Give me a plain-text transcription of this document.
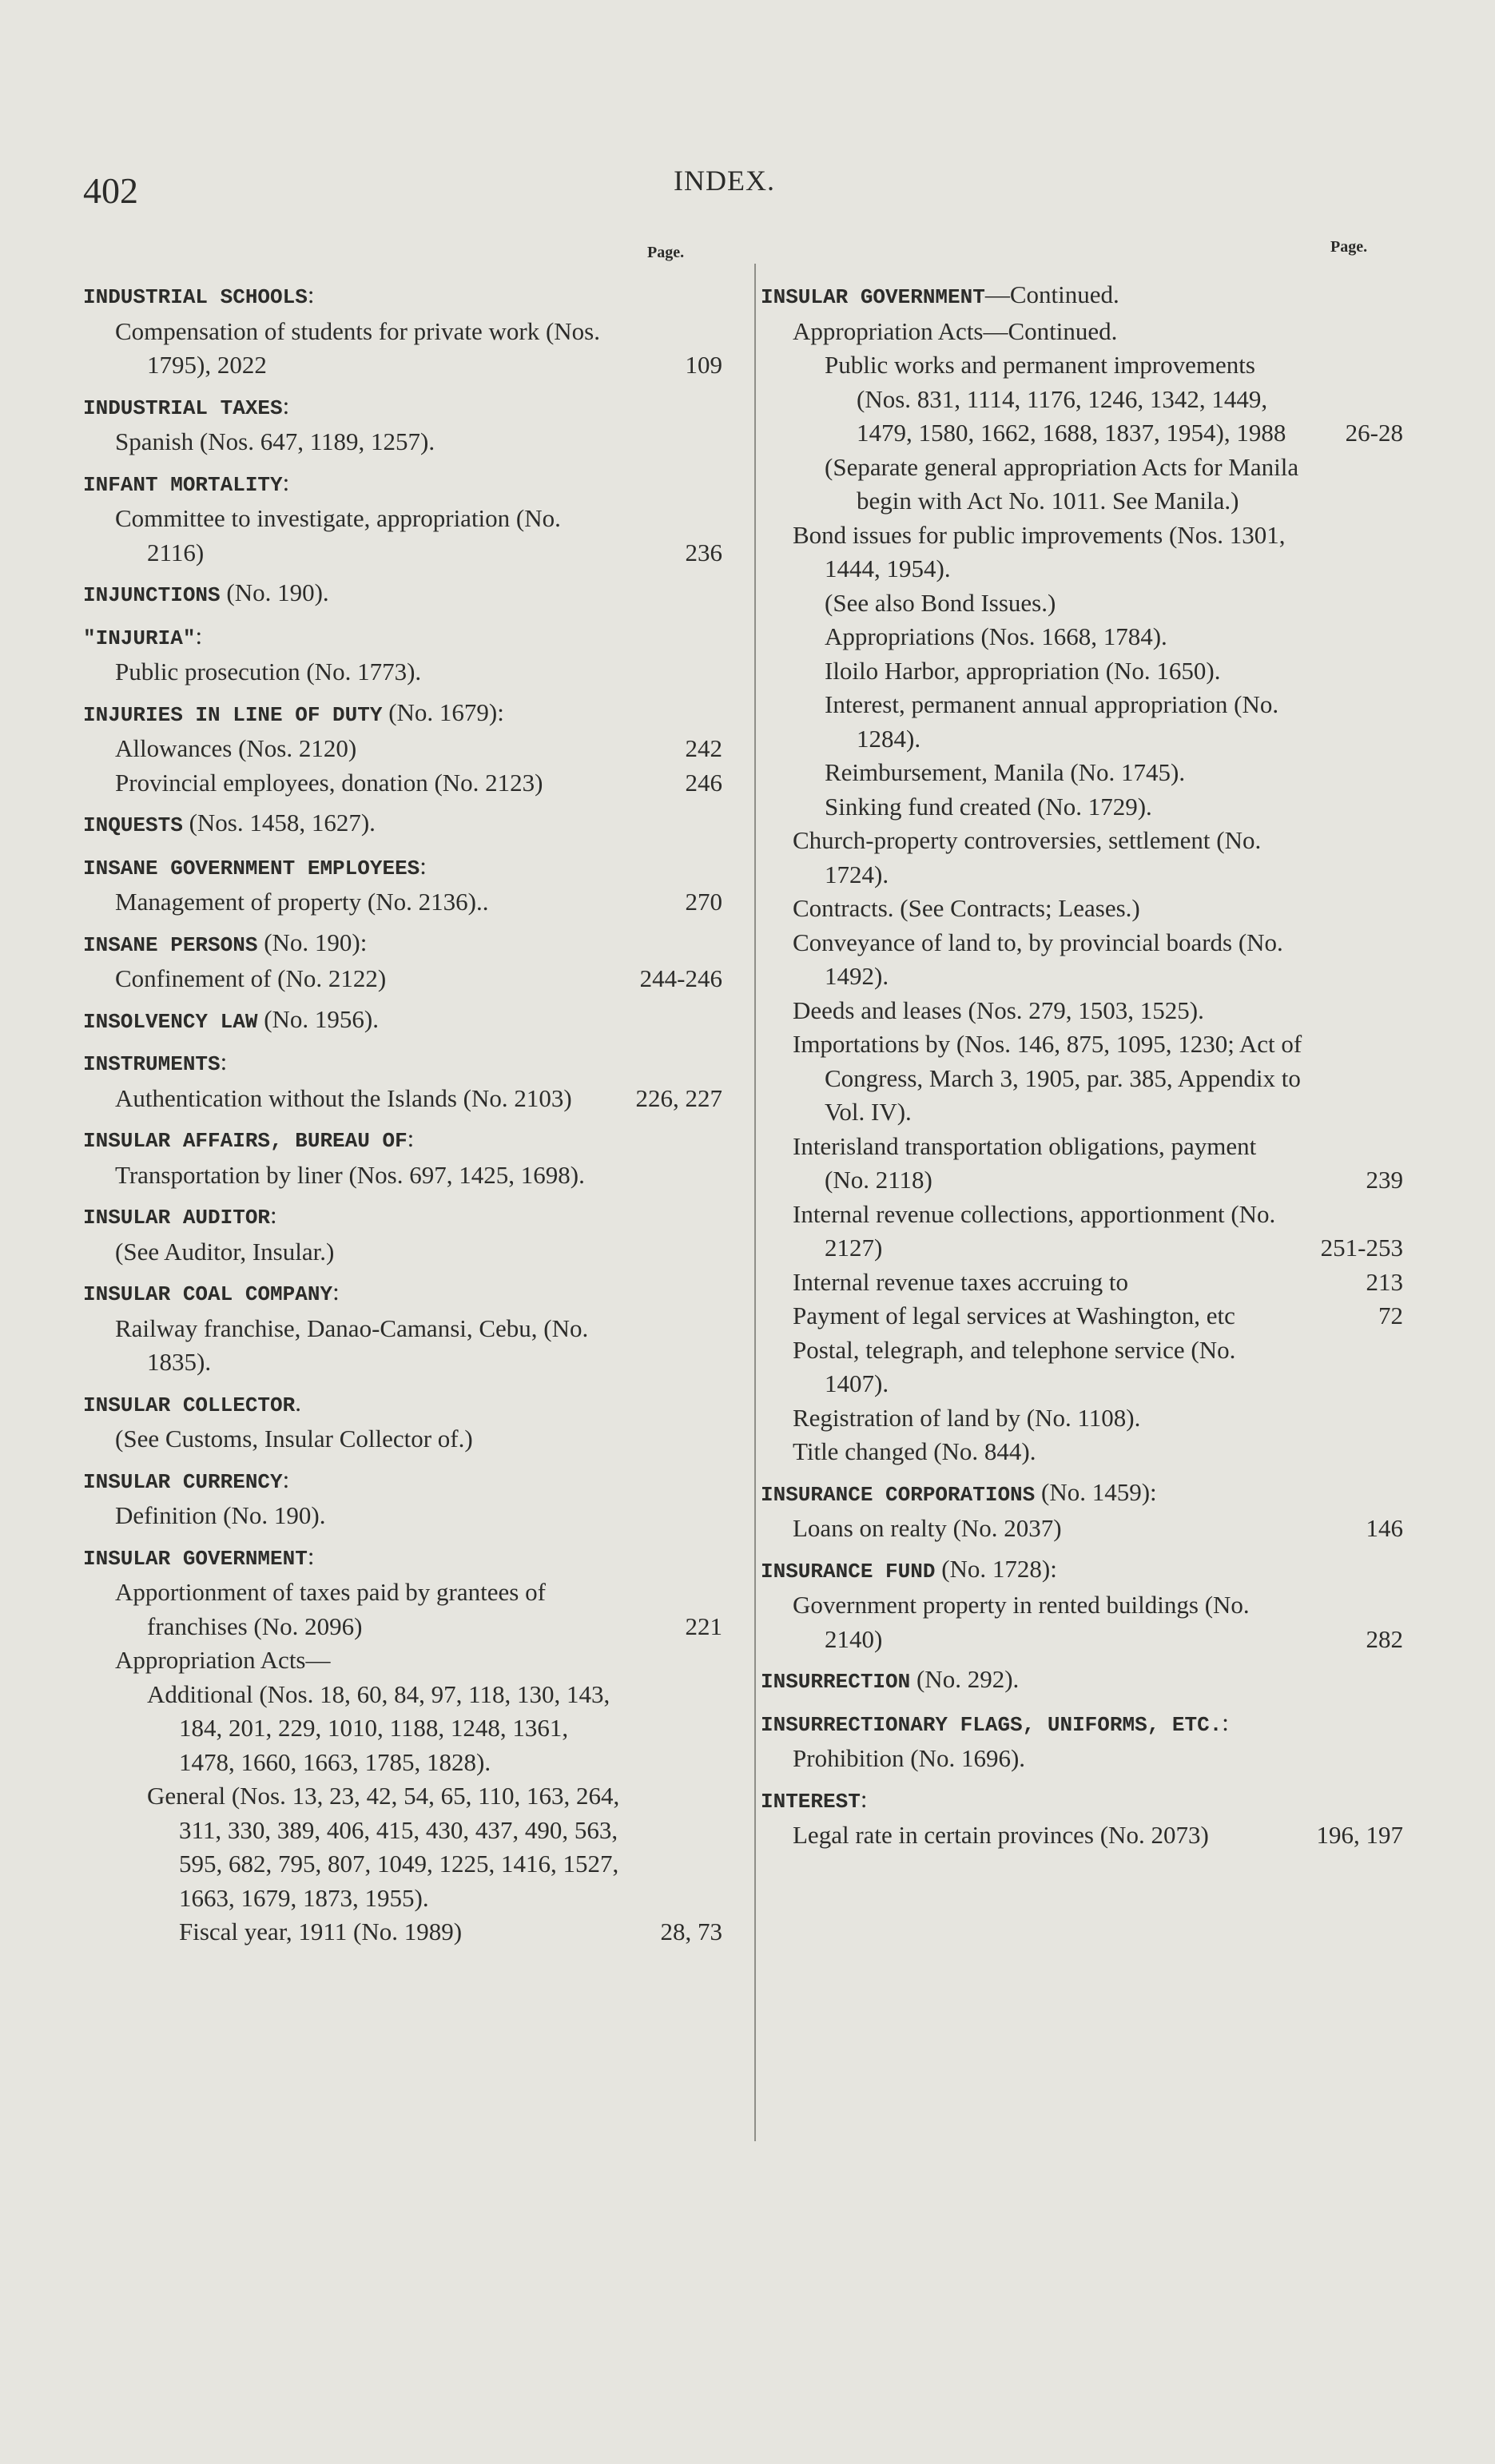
402	INDEX.
Page.	Page.
INDUSTRIAL SCHOOLS:
Compensation of students for private work (Nos. 1795), 2022	109
INDUSTRIAL TAXES:
Spanish (Nos. 647, 1189, 1257).
INFANT MORTALITY:
Committee to investigate, appropriation (No. 2116)	236
INJUNCTIONS (No. 190).
"INJURIA":
Public prosecution (No. 1773).
INJURIES IN LINE OF DUTY (No. 1679):
Allowances (Nos. 2120)	242
Provincial employees, donation (No. 2123)	246
INQUESTS (Nos. 1458, 1627).
INSANE GOVERNMENT EMPLOYEES:
Management of property (No. 2136)..	270
INSANE PERSONS (No. 190):
Confinement of (No. 2122)	244-246
INSOLVENCY LAW (No. 1956).
INSTRUMENTS:
Authentication without the Islands (No. 2103)	226, 227
INSULAR AFFAIRS, BUREAU OF:
Transportation by liner (Nos. 697, 1425, 1698).
INSULAR AUDITOR:
(See Auditor, Insular.)
INSULAR COAL COMPANY:
Railway franchise, Danao-Camansi, Cebu, (No. 1835).
INSULAR COLLECTOR.
(See Customs, Insular Collector of.)
INSULAR CURRENCY:
Definition (No. 190).
INSULAR GOVERNMENT:
Apportionment of taxes paid by grantees of franchises (No. 2096)	221
Appropriation Acts—
Additional (Nos. 18, 60, 84, 97, 118, 130, 143, 184, 201, 229, 1010, 1188, 1248, 1361, 1478, 1660, 1663, 1785, 1828).
General (Nos. 13, 23, 42, 54, 65, 110, 163, 264, 311, 330, 389, 406, 415, 430, 437, 490, 563, 595, 682, 795, 807, 1049, 1225, 1416, 1527, 1663, 1679, 1873, 1955).
Fiscal year, 1911 (No. 1989)	28, 73
INSULAR GOVERNMENT—Continued.
Appropriation Acts—Continued.
Public works and permanent improvements (Nos. 831, 1114, 1176, 1246, 1342, 1449, 1479, 1580, 1662, 1688, 1837, 1954), 1988	26-28
(Separate general appropriation Acts for Manila begin with Act No. 1011. See Manila.)
Bond issues for public improvements (Nos. 1301, 1444, 1954).
(See also Bond Issues.)
Appropriations (Nos. 1668, 1784).
Iloilo Harbor, appropriation (No. 1650).
Interest, permanent annual appropriation (No. 1284).
Reimbursement, Manila (No. 1745).
Sinking fund created (No. 1729).
Church-property controversies, settlement (No. 1724).
Contracts. (See Contracts; Leases.)
Conveyance of land to, by provincial boards (No. 1492).
Deeds and leases (Nos. 279, 1503, 1525).
Importations by (Nos. 146, 875, 1095, 1230; Act of Congress, March 3, 1905, par. 385, Appendix to Vol. IV).
Interisland transportation obligations, payment (No. 2118)	239
Internal revenue collections, apportionment (No. 2127)	251-253
Internal revenue taxes accruing to	213
Payment of legal services at Washington, etc	72
Postal, telegraph, and telephone service (No. 1407).
Registration of land by (No. 1108).
Title changed (No. 844).
INSURANCE CORPORATIONS (No. 1459):
Loans on realty (No. 2037)	146
INSURANCE FUND (No. 1728):
Government property in rented buildings (No. 2140)	282
INSURRECTION (No. 292).
INSURRECTIONARY FLAGS, UNIFORMS, ETC.:
Prohibition (No. 1696).
INTEREST:
Legal rate in certain provinces (No. 2073)	196, 197
